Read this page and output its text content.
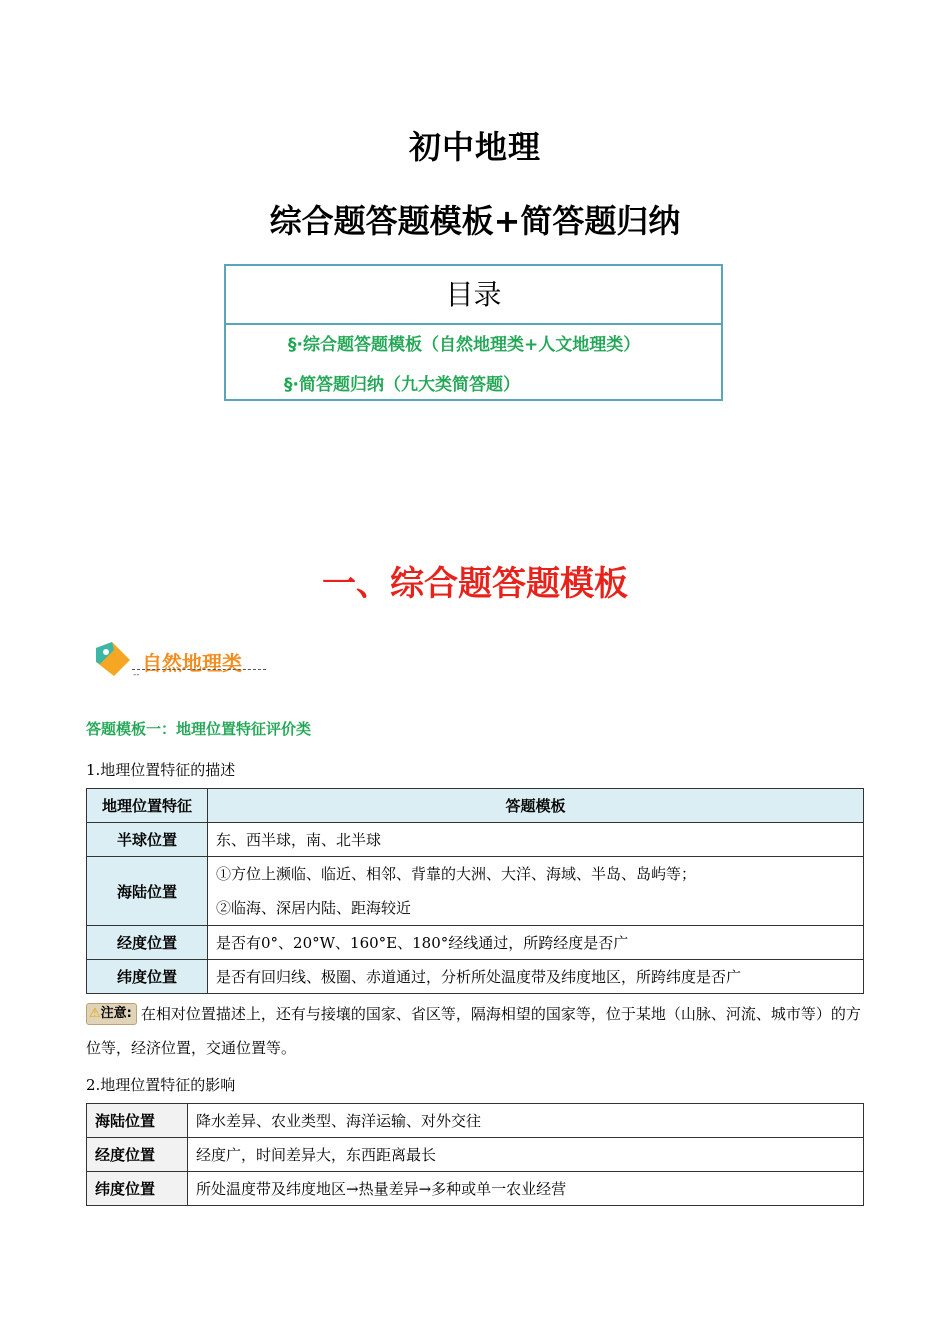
初中地理
综合题答题模板+简答题归纳
目录
§·综合题答题模板（自然地理类+人文地理类）
§·简答题归纳（九大类简答题）
一、综合题答题模板
自然地理类
--
答题模板一：地理位置特征评价类
1.地理位置特征的描述
地理位置特征	答题模板
半球位置	东、西半球，南、北半球
海陆位置	①方位上濒临、临近、相邻、背靠的大洲、大洋、海域、半岛、岛屿等；
②临海、深居内陆、距海较近

经度位置	是否有0°、20°W、160°E、180°经线通过，所跨经度是否广
纬度位置	是否有回归线、极圈、赤道通过，分析所处温度带及纬度地区，所跨纬度是否广
⚠注意: 在相对位置描述上，还有与接壤的国家、省区等，隔海相望的国家等，位于某地（山脉、河流、城市等）的方位等，经济位置，交通位置等。
2.地理位置特征的影响
海陆位置	降水差异、农业类型、海洋运输、对外交往
经度位置	经度广，时间差异大，东西距离最长
纬度位置	所处温度带及纬度地区→热量差异→多种或单一农业经营
